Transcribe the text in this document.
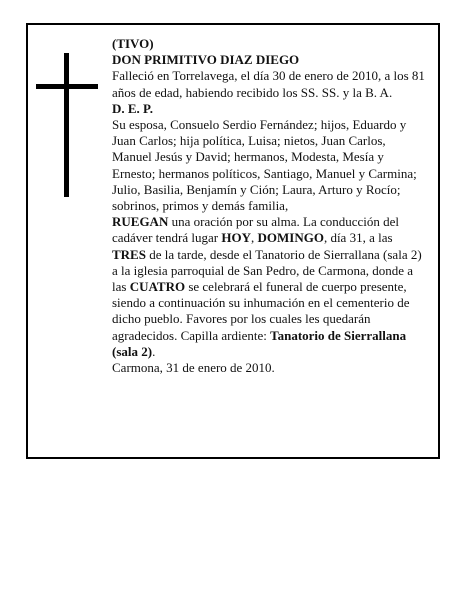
(TIVO)

DON PRIMITIVO DIAZ DIEGO

Falleció en Torrelavega, el día 30 de enero de 2010, a los 81 años de edad, habiendo recibido los SS. SS. y la B. A.

D. E. P.

Su esposa, Consuelo Serdio Fernández; hijos, Eduardo y Juan Carlos; hija política, Luisa; nietos, Juan Carlos, Manuel Jesús y David; hermanos, Modesta, Mesía y Ernesto; hermanos políticos, Santiago, Manuel y Carmina; Julio, Basilia, Benjamín y Ción; Laura, Arturo y Rocío; sobrinos, primos y demás familia,

RUEGAN una oración por su alma. La conducción del cadáver tendrá lugar HOY, DOMINGO, día 31, a las TRES de la tarde, desde el Tanatorio de Sierrallana (sala 2) a la iglesia parroquial de San Pedro, de Carmona, donde a las CUATRO se celebrará el funeral de cuerpo presente, siendo a continuación su inhumación en el cementerio de dicho pueblo. Favores por los cuales les quedarán agradecidos. Capilla ardiente: Tanatorio de Sierrallana (sala 2).

Carmona, 31 de enero de 2010.
